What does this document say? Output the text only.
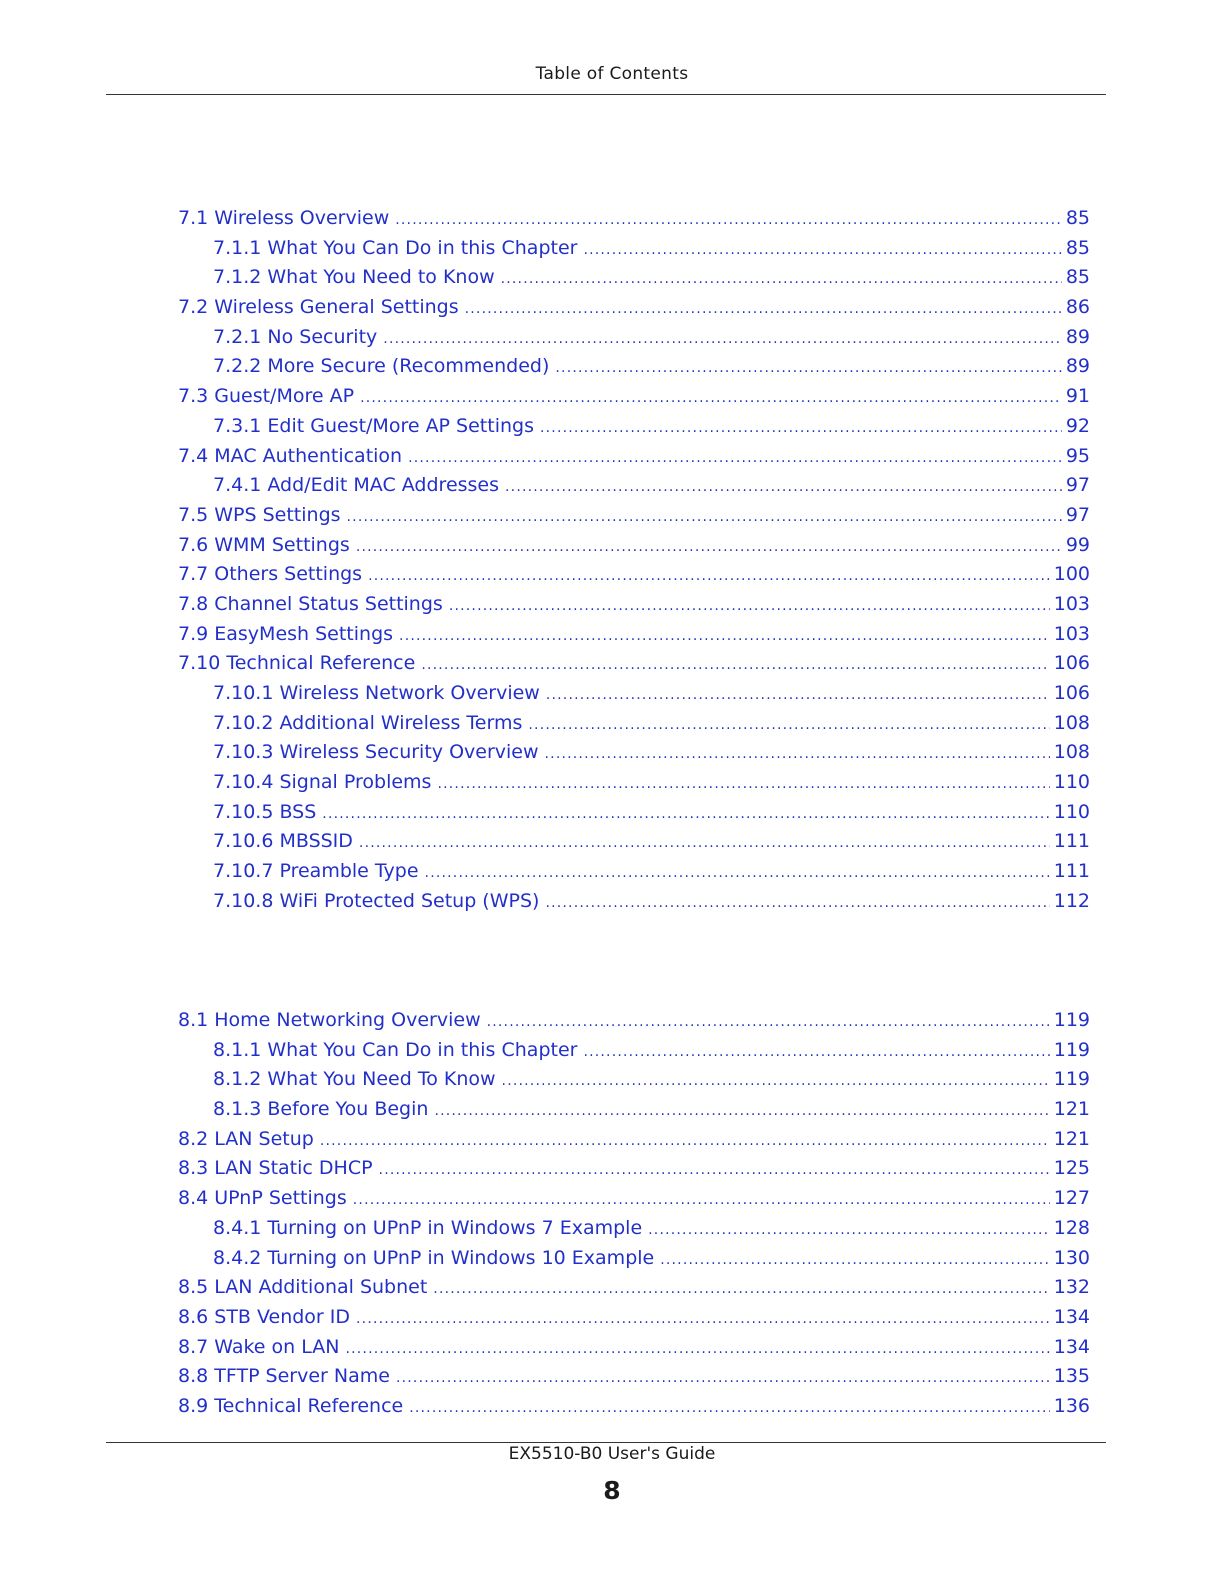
Table of Contents
7.1 Wireless Overview .....	85
7.1.1 What You Can Do in this Chapter .....	85
7.1.2 What You Need to Know .....	85
7.2 Wireless General Settings .....	86
7.2.1 No Security .....	89
7.2.2 More Secure (Recommended) .....	89
7.3 Guest/More AP .....	91
7.3.1 Edit Guest/More AP Settings .....	92
7.4 MAC Authentication .....	95
7.4.1 Add/Edit MAC Addresses .....	97
7.5 WPS Settings .....	97
7.6 WMM Settings .....	99
7.7 Others Settings .....	100
7.8 Channel Status Settings .....	103
7.9 EasyMesh Settings .....	103
7.10 Technical Reference .....	106
7.10.1 Wireless Network Overview .....	106
7.10.2 Additional Wireless Terms .....	108
7.10.3 Wireless Security Overview .....	108
7.10.4 Signal Problems .....	110
7.10.5 BSS .....	110
7.10.6 MBSSID .....	111
7.10.7 Preamble Type .....	111
7.10.8 WiFi Protected Setup (WPS) .....	112
8.1 Home Networking Overview .....	119
8.1.1 What You Can Do in this Chapter .....	119
8.1.2 What You Need To Know .....	119
8.1.3 Before You Begin .....	121
8.2 LAN Setup .....	121
8.3 LAN Static DHCP .....	125
8.4 UPnP Settings .....	127
8.4.1 Turning on UPnP in Windows 7 Example .....	128
8.4.2 Turning on UPnP in Windows 10 Example .....	130
8.5 LAN Additional Subnet .....	132
8.6 STB Vendor ID .....	134
8.7 Wake on LAN .....	134
8.8 TFTP Server Name .....	135
8.9 Technical Reference .....	136
EX5510-B0 User's Guide
8
